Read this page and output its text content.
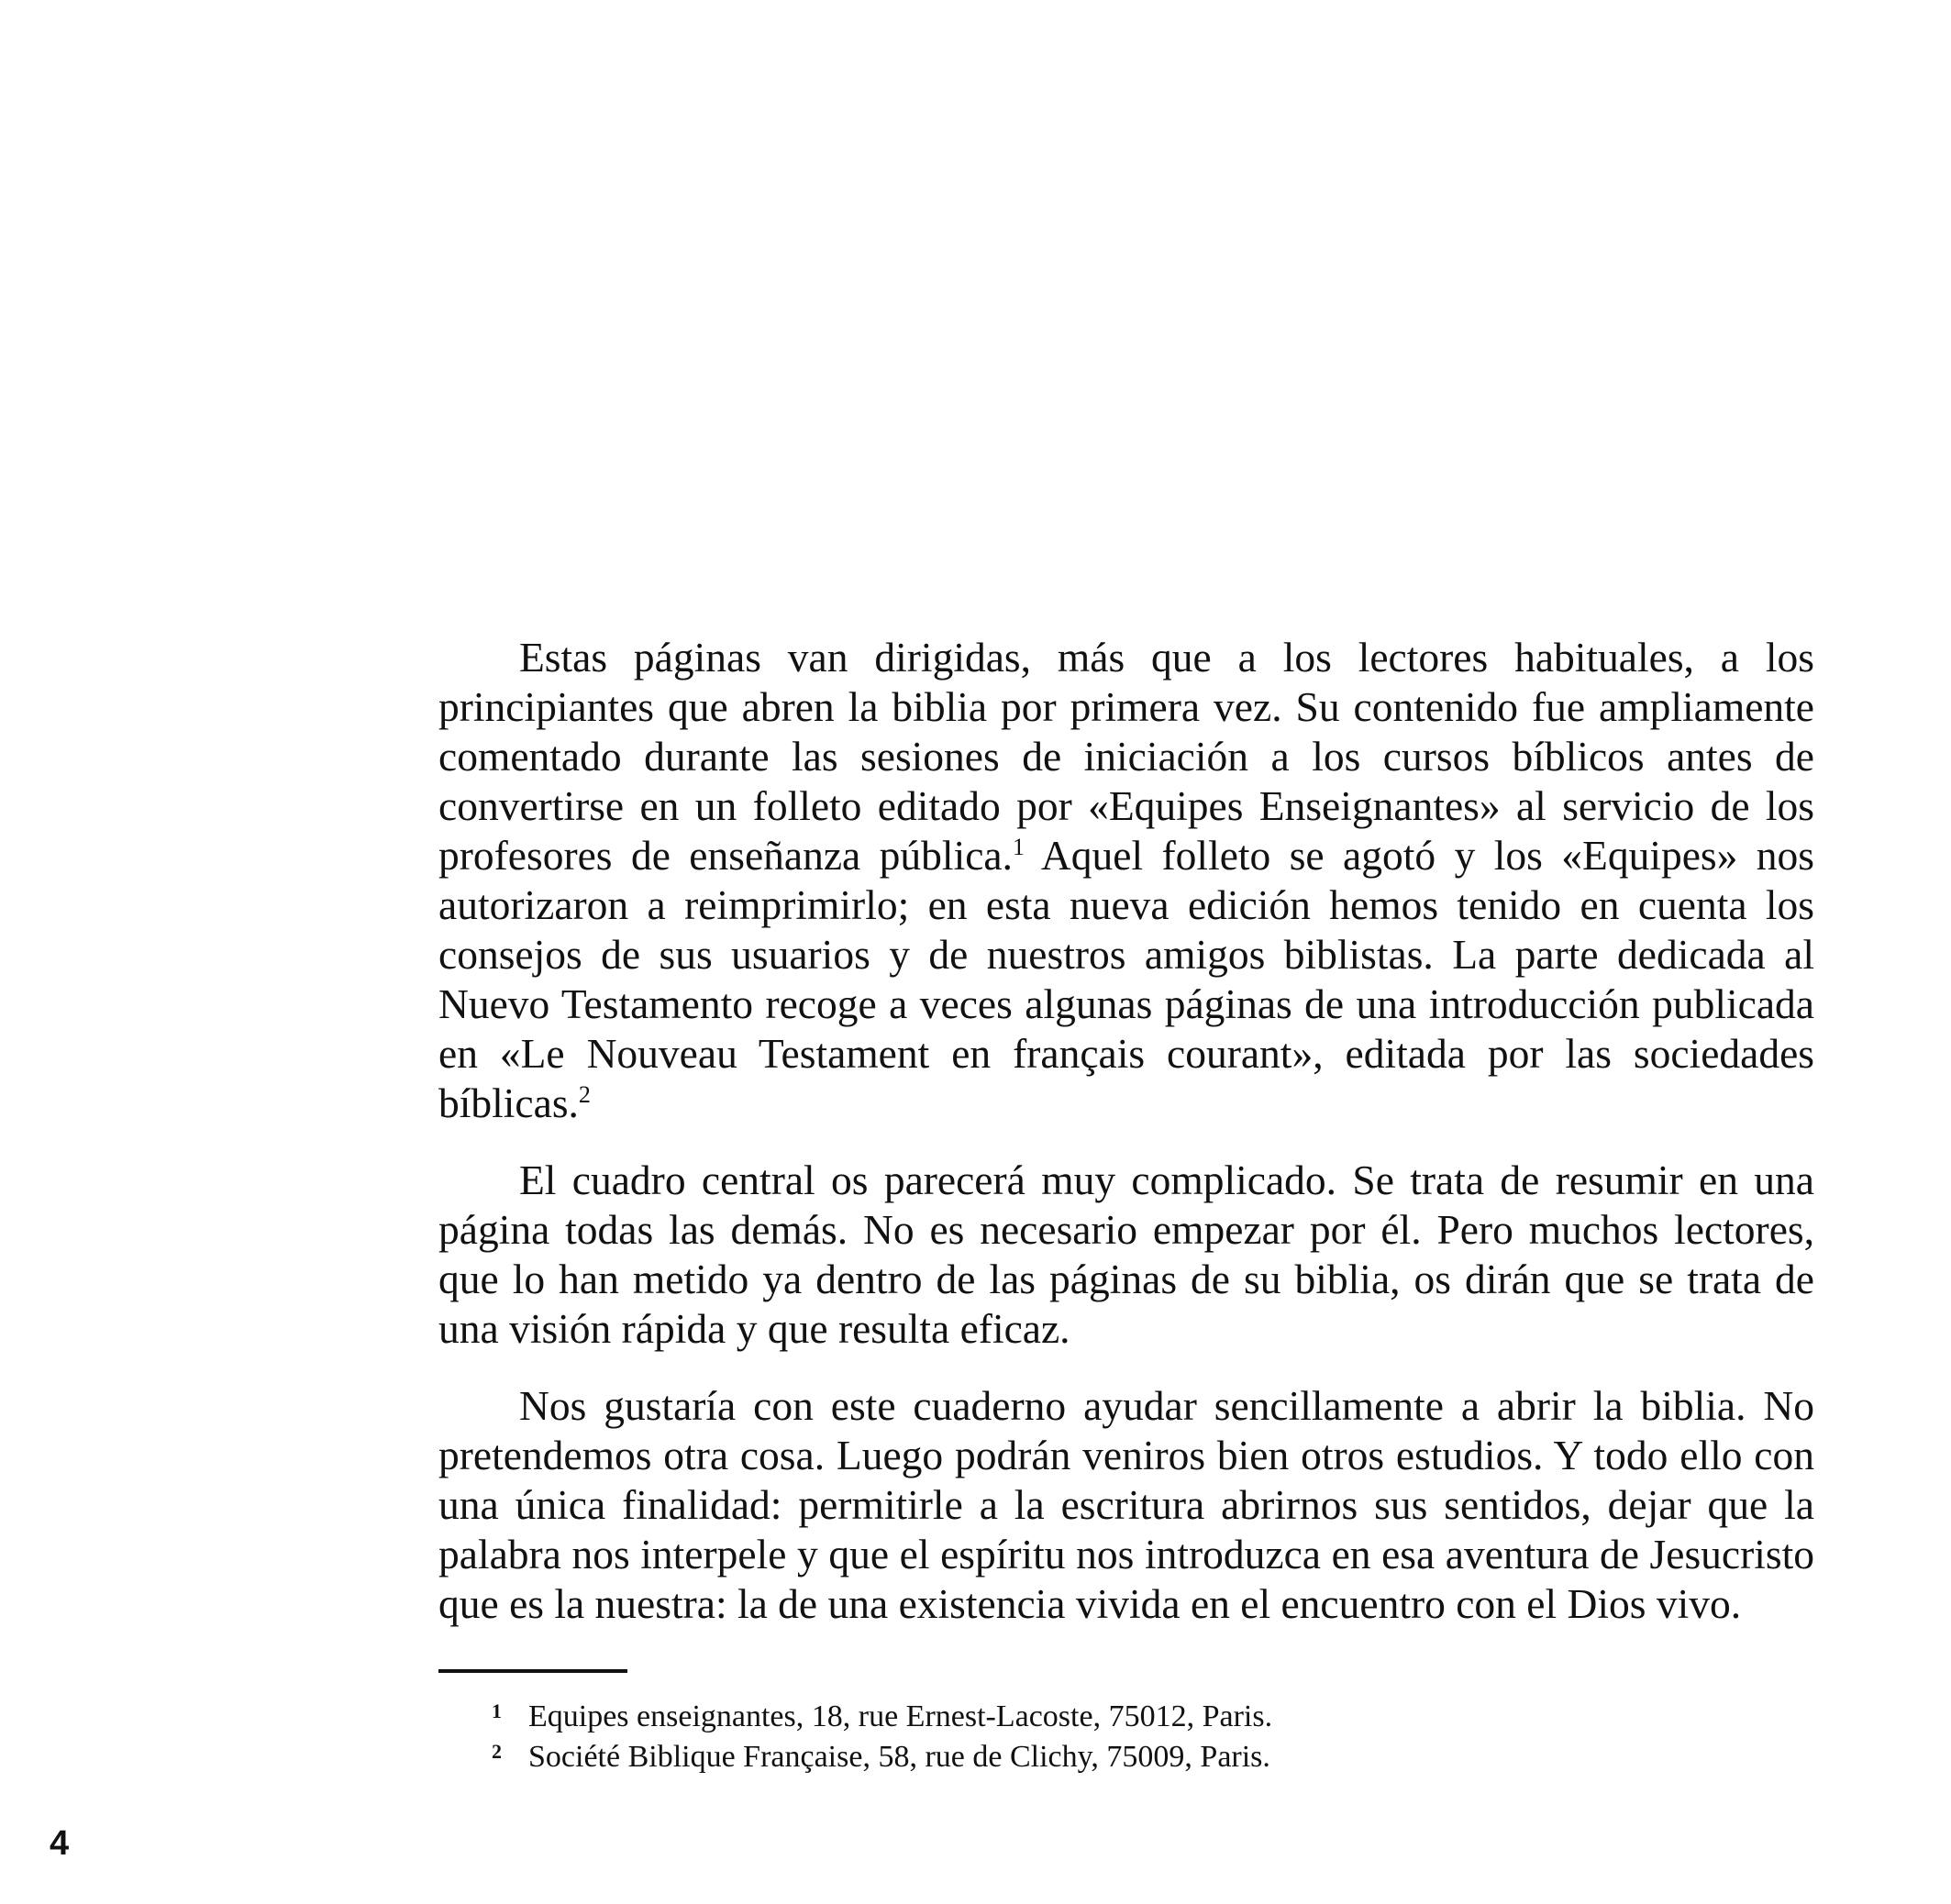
Estas páginas van dirigidas, más que a los lectores habituales, a los principiantes que abren la biblia por primera vez. Su contenido fue ampliamente comentado durante las sesiones de iniciación a los cursos bíblicos antes de convertirse en un folleto editado por «Equipes Enseignantes» al servicio de los profesores de enseñanza pública.$^1$ Aquel folleto se agotó y los «Equipes» nos autorizaron a reimprimirlo; en esta nueva edición hemos tenido en cuenta los consejos de sus usuarios y de nuestros amigos biblistas. La parte dedicada al Nuevo Testamento recoge a veces algunas páginas de una introducción publicada en «Le Nouveau Testament en français courant», editada por las sociedades bíblicas.$^2$

El cuadro central os parecerá muy complicado. Se trata de resumir en una página todas las demás. No es necesario empezar por él. Pero muchos lectores, que lo han metido ya dentro de las páginas de su biblia, os dirán que se trata de una visión rápida y que resulta eficaz.

Nos gustaría con este cuaderno ayudar sencillamente a abrir la biblia. No pretendemos otra cosa. Luego podrán veniros bien otros estudios. Y todo ello con una única finalidad: permitirle a la escritura abrirnos sus sentidos, dejar que la palabra nos interpele y que el espíritu nos introduzca en esa aventura de Jesucristo que es la nuestra: la de una existencia vivida en el encuentro con el Dios vivo.

1 Equipes enseignantes, 18, rue Ernest-Lacoste, 75012, Paris.
2 Société Biblique Française, 58, rue de Clichy, 75009, Paris.
4
